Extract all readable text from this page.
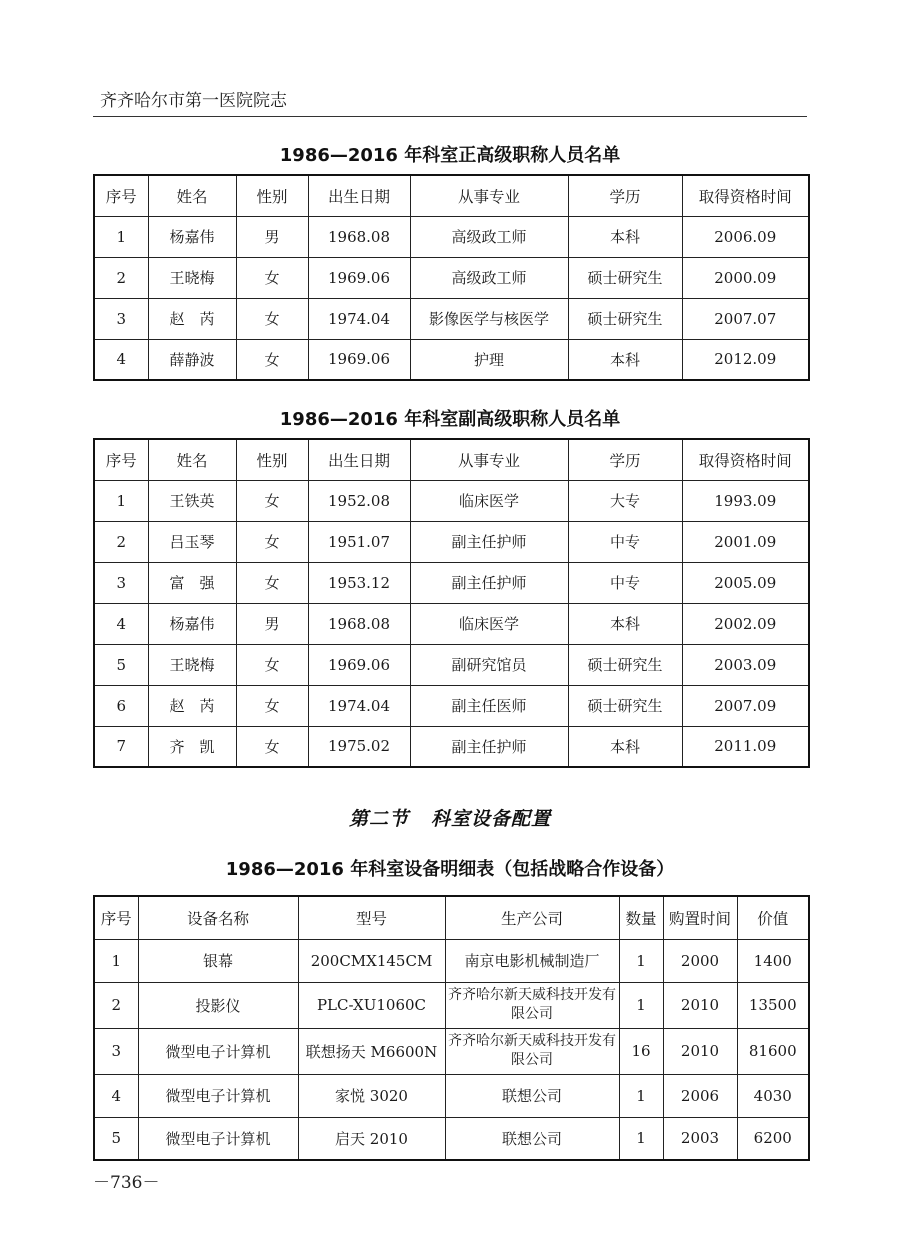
齐齐哈尔市第一医院院志
1986—2016 年科室正高级职称人员名单
序号	姓名	性别	出生日期	从事专业	学历	取得资格时间
1	杨嘉伟	男	1968.08	高级政工师	本科	2006.09
2	王晓梅	女	1969.06	高级政工师	硕士研究生	2000.09
3	赵　芮	女	1974.04	影像医学与核医学	硕士研究生	2007.07
4	薛静波	女	1969.06	护理	本科	2012.09
1986—2016 年科室副高级职称人员名单
序号	姓名	性别	出生日期	从事专业	学历	取得资格时间
1	王铁英	女	1952.08	临床医学	大专	1993.09
2	吕玉琴	女	1951.07	副主任护师	中专	2001.09
3	富　强	女	1953.12	副主任护师	中专	2005.09
4	杨嘉伟	男	1968.08	临床医学	本科	2002.09
5	王晓梅	女	1969.06	副研究馆员	硕士研究生	2003.09
6	赵　芮	女	1974.04	副主任医师	硕士研究生	2007.09
7	齐　凯	女	1975.02	副主任护师	本科	2011.09
第二节 科室设备配置
1986—2016 年科室设备明细表（包括战略合作设备）
序号	设备名称	型号	生产公司	数量	购置时间	价值
1	银幕	200CMX145CM	南京电影机械制造厂	1	2000	1400
2	投影仪	PLC-XU1060C	齐齐哈尔新天威科技开发有限公司	1	2010	13500
3	微型电子计算机	联想扬天 M6600N	齐齐哈尔新天威科技开发有限公司	16	2010	81600
4	微型电子计算机	家悦 3020	联想公司	1	2006	4030
5	微型电子计算机	启天 2010	联想公司	1	2003	6200
－736－
